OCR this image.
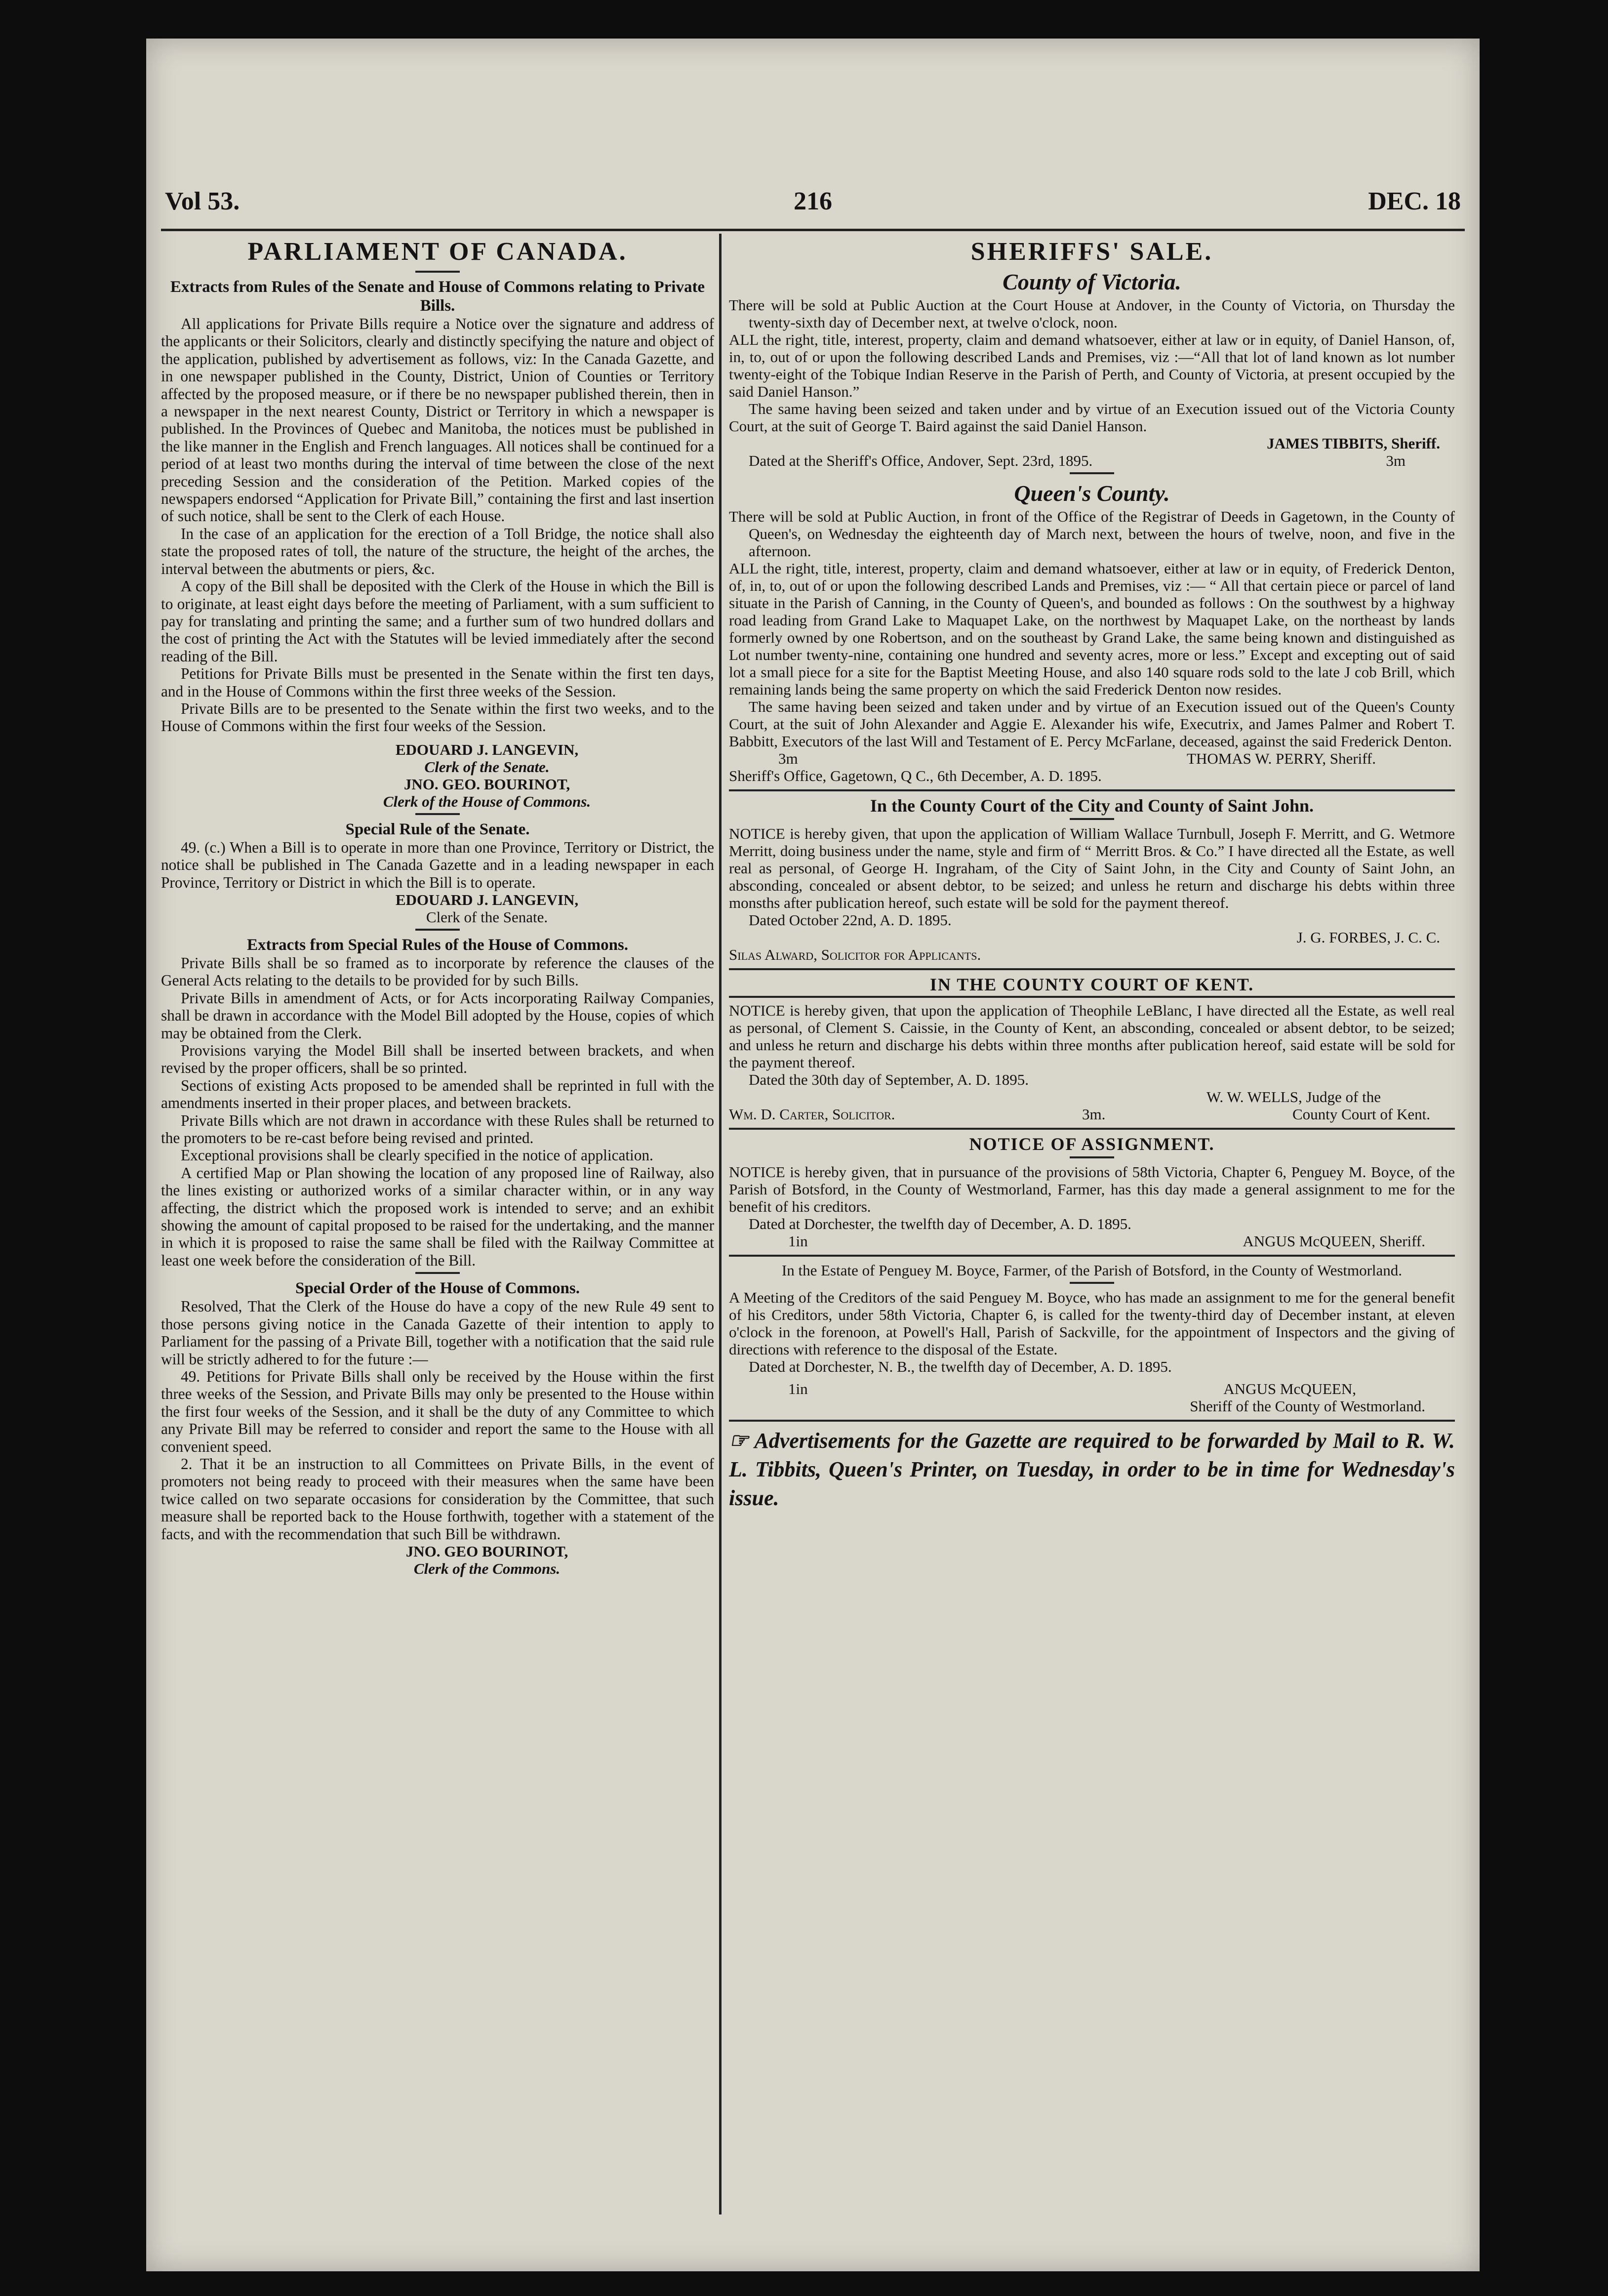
Vol 53.	216	DEC. 18
PARLIAMENT OF CANADA.
Extracts from Rules of the Senate and House of Commons relating to Private Bills.

All applications for Private Bills require a Notice over the signature and address of the applicants or their Solicitors, clearly and distinctly specifying the nature and object of the application, published by advertisement as follows, viz: In the Canada Gazette, and in one newspaper published in the County, District, Union of Counties or Territory affected by the proposed measure, or if there be no newspaper published therein, then in a newspaper in the next nearest County, District or Territory in which a newspaper is published. In the Provinces of Quebec and Manitoba, the notices must be published in the like manner in the English and French languages. All notices shall be continued for a period of at least two months during the interval of time between the close of the next preceding Session and the consideration of the Petition. Marked copies of the newspapers endorsed “Application for Private Bill,” containing the first and last insertion of such notice, shall be sent to the Clerk of each House.

In the case of an application for the erection of a Toll Bridge, the notice shall also state the proposed rates of toll, the nature of the structure, the height of the arches, the interval between the abutments or piers, &c.

A copy of the Bill shall be deposited with the Clerk of the House in which the Bill is to originate, at least eight days before the meeting of Parliament, with a sum sufficient to pay for translating and printing the same; and a further sum of two hundred dollars and the cost of printing the Act with the Statutes will be levied immediately after the second reading of the Bill.

Petitions for Private Bills must be presented in the Senate within the first ten days, and in the House of Commons within the first three weeks of the Session.

Private Bills are to be presented to the Senate within the first two weeks, and to the House of Commons within the first four weeks of the Session.

EDOUARD J. LANGEVIN,
Clerk of the Senate.
JNO. GEO. BOURINOT,
Clerk of the House of Commons.
Special Rule of the Senate.

49. (c.) When a Bill is to operate in more than one Province, Territory or District, the notice shall be published in The Canada Gazette and in a leading newspaper in each Province, Territory or District in which the Bill is to operate.

EDOUARD J. LANGEVIN,
Clerk of the Senate.
Extracts from Special Rules of the House of Commons.

Private Bills shall be so framed as to incorporate by reference the clauses of the General Acts relating to the details to be provided for by such Bills.

Private Bills in amendment of Acts, or for Acts incorporating Railway Companies, shall be drawn in accordance with the Model Bill adopted by the House, copies of which may be obtained from the Clerk.

Provisions varying the Model Bill shall be inserted between brackets, and when revised by the proper officers, shall be so printed.

Sections of existing Acts proposed to be amended shall be reprinted in full with the amendments inserted in their proper places, and between brackets.

Private Bills which are not drawn in accordance with these Rules shall be returned to the promoters to be re-cast before being revised and printed.

Exceptional provisions shall be clearly specified in the notice of application.

A certified Map or Plan showing the location of any proposed line of Railway, also the lines existing or authorized works of a similar character within, or in any way affecting, the district which the proposed work is intended to serve; and an exhibit showing the amount of capital proposed to be raised for the undertaking, and the manner in which it is proposed to raise the same shall be filed with the Railway Committee at least one week before the consideration of the Bill.

Special Order of the House of Commons.

Resolved, That the Clerk of the House do have a copy of the new Rule 49 sent to those persons giving notice in the Canada Gazette of their intention to apply to Parliament for the passing of a Private Bill, together with a notification that the said rule will be strictly adhered to for the future :—

49. Petitions for Private Bills shall only be received by the House within the first three weeks of the Session, and Private Bills may only be presented to the House within the first four weeks of the Session, and it shall be the duty of any Committee to which any Private Bill may be referred to consider and report the same to the House with all convenient speed.

2. That it be an instruction to all Committees on Private Bills, in the event of promoters not being ready to proceed with their measures when the same have been twice called on two separate occasions for consideration by the Committee, that such measure shall be reported back to the House forthwith, together with a statement of the facts, and with the recommendation that such Bill be withdrawn.

JNO. GEO BOURINOT,
Clerk of the Commons.
SHERIFFS' SALE.
County of Victoria.

There will be sold at Public Auction at the Court House at Andover, in the County of Victoria, on Thursday the twenty-sixth day of December next, at twelve o'clock, noon.

ALL the right, title, interest, property, claim and demand whatsoever, either at law or in equity, of Daniel Hanson, of, in, to, out of or upon the following described Lands and Premises, viz :—“All that lot of land known as lot number twenty-eight of the Tobique Indian Reserve in the Parish of Perth, and County of Victoria, at present occupied by the said Daniel Hanson.”

The same having been seized and taken under and by virtue of an Execution issued out of the Victoria County Court, at the suit of George T. Baird against the said Daniel Hanson.

JAMES TIBBITS, Sheriff.
Dated at the Sheriff's Office, Andover, Sept. 23rd, 1895.	3m
Queen's County.

There will be sold at Public Auction, in front of the Office of the Registrar of Deeds in Gagetown, in the County of Queen's, on Wednesday the eighteenth day of March next, between the hours of twelve, noon, and five in the afternoon.

ALL the right, title, interest, property, claim and demand whatsoever, either at law or in equity, of Frederick Denton, of, in, to, out of or upon the following described Lands and Premises, viz :— “ All that certain piece or parcel of land situate in the Parish of Canning, in the County of Queen's, and bounded as follows : On the southwest by a highway road leading from Grand Lake to Maquapet Lake, on the northwest by Maquapet Lake, on the northeast by lands formerly owned by one Robertson, and on the southeast by Grand Lake, the same being known and distinguished as Lot number twenty-nine, containing one hundred and seventy acres, more or less.” Except and excepting out of said lot a small piece for a site for the Baptist Meeting House, and also 140 square rods sold to the late J cob Brill, which remaining lands being the same property on which the said Frederick Denton now resides.

The same having been seized and taken under and by virtue of an Execution issued out of the Queen's County Court, at the suit of John Alexander and Aggie E. Alexander his wife, Executrix, and James Palmer and Robert T. Babbitt, Executors of the last Will and Testament of E. Percy McFarlane, deceased, against the said Frederick Denton.

3m	THOMAS W. PERRY, Sheriff.

Sheriff's Office, Gagetown, Q C., 6th December, A. D. 1895.

In the County Court of the City and County of Saint John.

NOTICE is hereby given, that upon the application of William Wallace Turnbull, Joseph F. Merritt, and G. Wetmore Merritt, doing business under the name, style and firm of “ Merritt Bros. & Co.” I have directed all the Estate, as well real as personal, of George H. Ingraham, of the City of Saint John, in the City and County of Saint John, an absconding, concealed or absent debtor, to be seized; and unless he return and discharge his debts within three monsths after publication hereof, such estate will be sold for the payment thereof.

Dated October 22nd, A. D. 1895.

J. G. FORBES, J. C. C.

Silas Alward, Solicitor for Applicants.

IN THE COUNTY COURT OF KENT.

NOTICE is hereby given, that upon the application of Theophile LeBlanc, I have directed all the Estate, as well real as personal, of Clement S. Caissie, in the County of Kent, an absconding, concealed or absent debtor, to be seized; and unless he return and discharge his debts within three months after publication hereof, said estate will be sold for the payment thereof.

Dated the 30th day of September, A. D. 1895.

W. W. WELLS, Judge of the
Wm. D. Carter, Solicitor.	3m.	County Court of Kent.
NOTICE OF ASSIGNMENT.

NOTICE is hereby given, that in pursuance of the provisions of 58th Victoria, Chapter 6, Penguey M. Boyce, of the Parish of Botsford, in the County of Westmorland, Farmer, has this day made a general assignment to me for the benefit of his creditors.

Dated at Dorchester, the twelfth day of December, A. D. 1895.

1in	ANGUS McQUEEN, Sheriff.

In the Estate of Penguey M. Boyce, Farmer, of the Parish of Botsford, in the County of Westmorland.

A Meeting of the Creditors of the said Penguey M. Boyce, who has made an assignment to me for the general benefit of his Creditors, under 58th Victoria, Chapter 6, is called for the twenty-third day of December instant, at eleven o'clock in the forenoon, at Powell's Hall, Parish of Sackville, for the appointment of Inspectors and the giving of directions with reference to the disposal of the Estate.

Dated at Dorchester, N. B., the twelfth day of December, A. D. 1895.

1in	ANGUS McQUEEN,
Sheriff of the County of Westmorland.
☞ Advertisements for the Gazette are required to be forwarded by Mail to R. W. L. Tibbits, Queen's Printer, on Tuesday, in order to be in time for Wednesday's issue.
